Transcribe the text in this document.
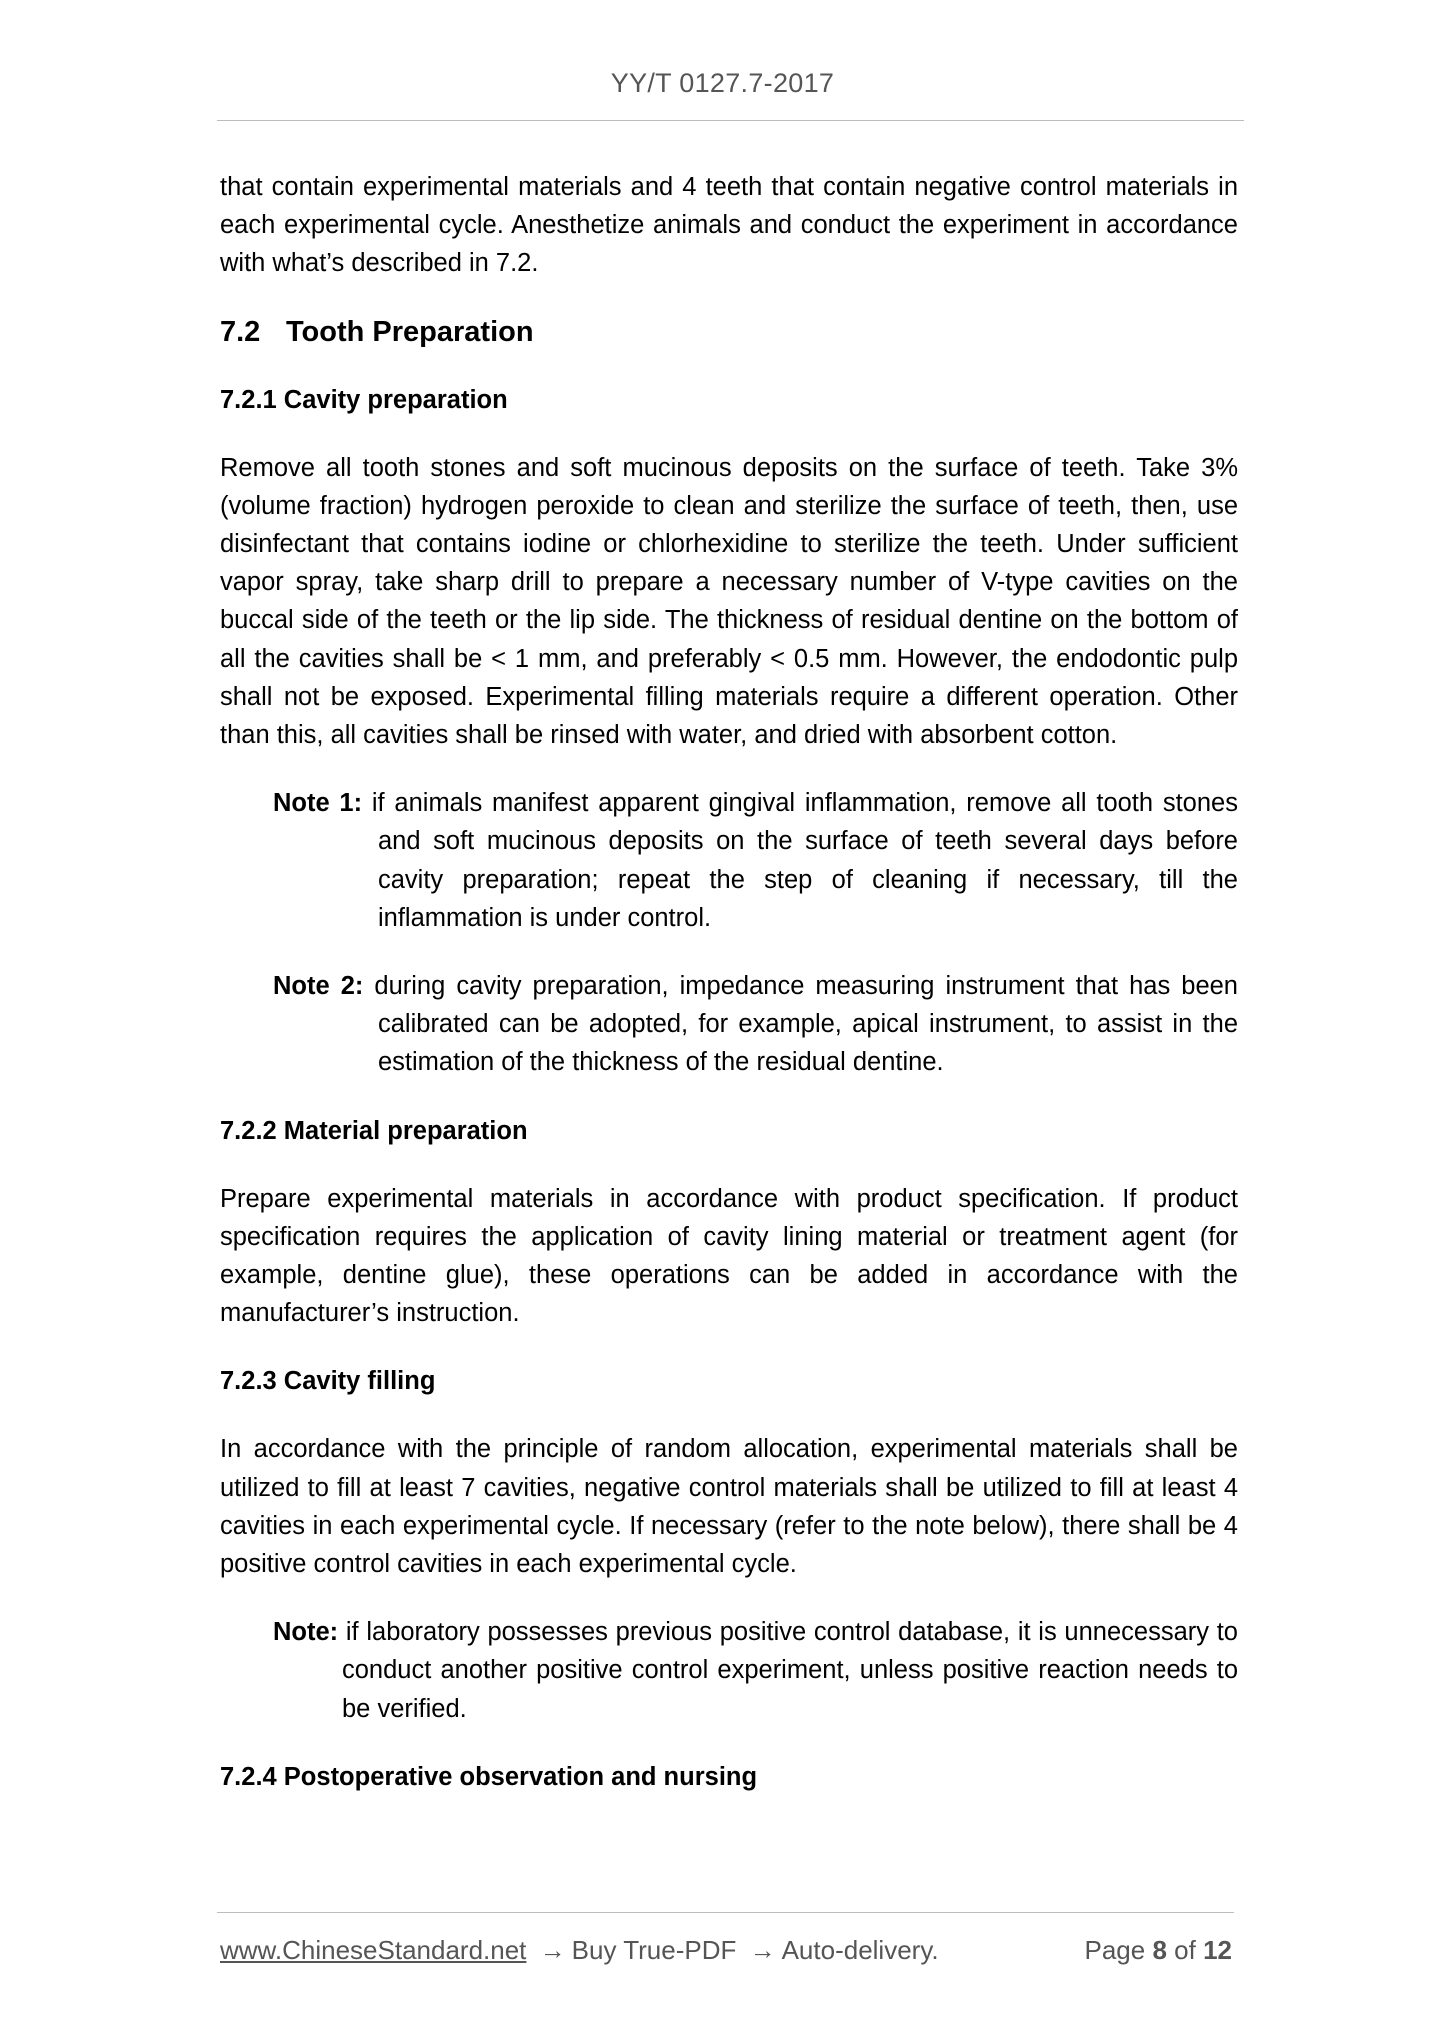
YY/T 0127.7-2017

that contain experimental materials and 4 teeth that contain negative control materials in each experimental cycle. Anesthetize animals and conduct the experiment in accordance with what’s described in 7.2.

7.2 Tooth Preparation
7.2.1 Cavity preparation

Remove all tooth stones and soft mucinous deposits on the surface of teeth. Take 3% (volume fraction) hydrogen peroxide to clean and sterilize the surface of teeth, then, use disinfectant that contains iodine or chlorhexidine to sterilize the teeth. Under sufficient vapor spray, take sharp drill to prepare a necessary number of V-type cavities on the buccal side of the teeth or the lip side. The thickness of residual dentine on the bottom of all the cavities shall be < 1 mm, and preferably < 0.5 mm. However, the endodontic pulp shall not be exposed. Experimental filling materials require a different operation. Other than this, all cavities shall be rinsed with water, and dried with absorbent cotton.

Note 1: if animals manifest apparent gingival inflammation, remove all tooth stones and soft mucinous deposits on the surface of teeth several days before cavity preparation; repeat the step of cleaning if necessary, till the inflammation is under control.

Note 2: during cavity preparation, impedance measuring instrument that has been calibrated can be adopted, for example, apical instrument, to assist in the estimation of the thickness of the residual dentine.

7.2.2 Material preparation

Prepare experimental materials in accordance with product specification. If product specification requires the application of cavity lining material or treatment agent (for example, dentine glue), these operations can be added in accordance with the manufacturer’s instruction.

7.2.3 Cavity filling

In accordance with the principle of random allocation, experimental materials shall be utilized to fill at least 7 cavities, negative control materials shall be utilized to fill at least 4 cavities in each experimental cycle. If necessary (refer to the note below), there shall be 4 positive control cavities in each experimental cycle.

Note: if laboratory possesses previous positive control database, it is unnecessary to conduct another positive control experiment, unless positive reaction needs to be verified.

7.2.4 Postoperative observation and nursing
www.ChineseStandard.net → Buy True-PDF → Auto-delivery.	Page 8 of 12
